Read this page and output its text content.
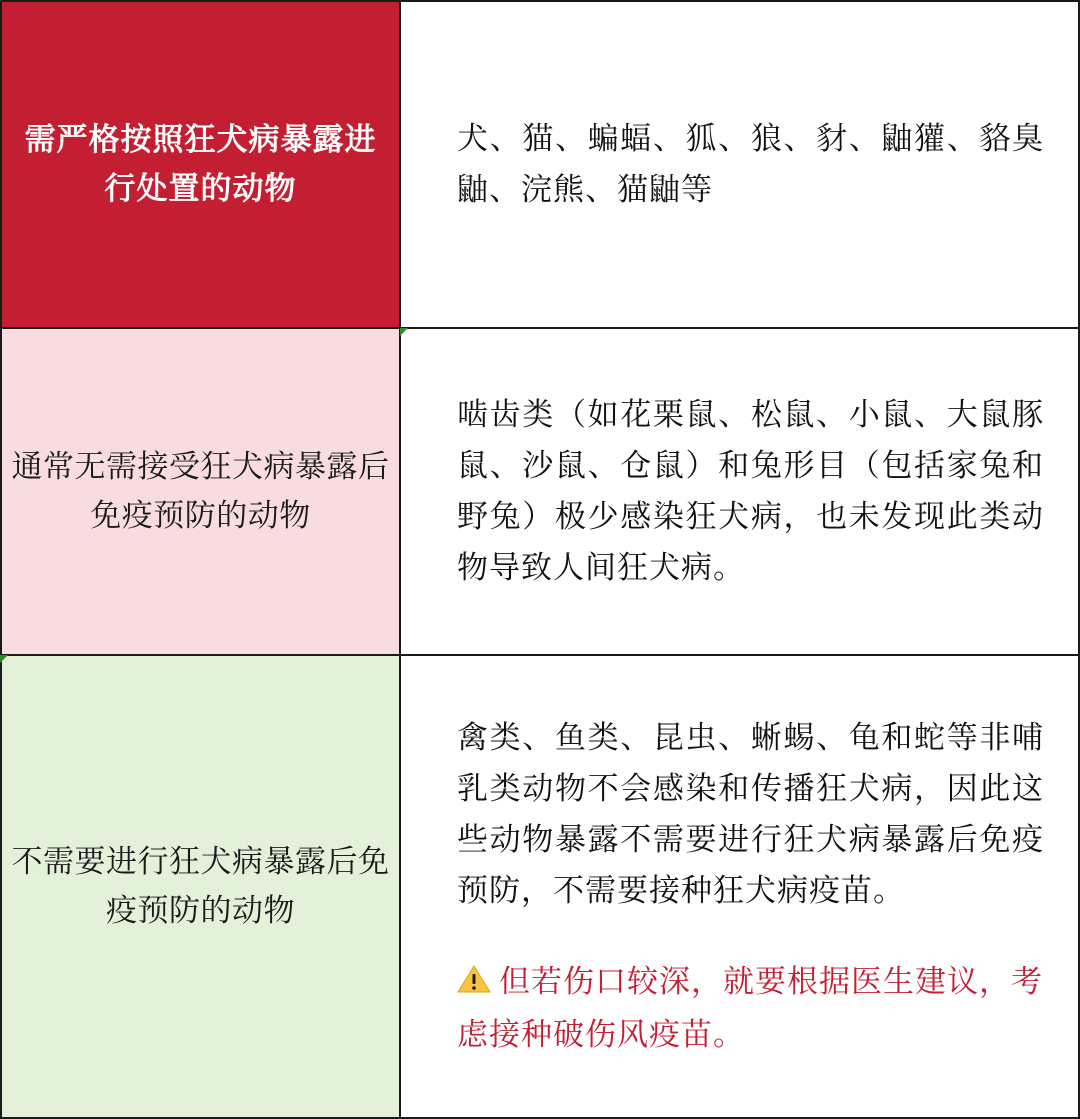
需严格按照狂犬病暴露进行处置的动物
犬、猫、蝙蝠、狐、狼、豺、鼬獾、貉臭鼬、浣熊、猫鼬等
通常无需接受狂犬病暴露后免疫预防的动物
啮齿类（如花栗鼠、松鼠、小鼠、大鼠豚鼠、沙鼠、仓鼠）和兔形目（包括家兔和野兔）极少感染狂犬病，也未发现此类动物导致人间狂犬病。
不需要进行狂犬病暴露后免疫预防的动物
禽类、鱼类、昆虫、蜥蜴、龟和蛇等非哺乳类动物不会感染和传播狂犬病，因此这些动物暴露不需要进行狂犬病暴露后免疫预防，不需要接种狂犬病疫苗。
但若伤口较深，就要根据医生建议，考虑接种破伤风疫苗。
